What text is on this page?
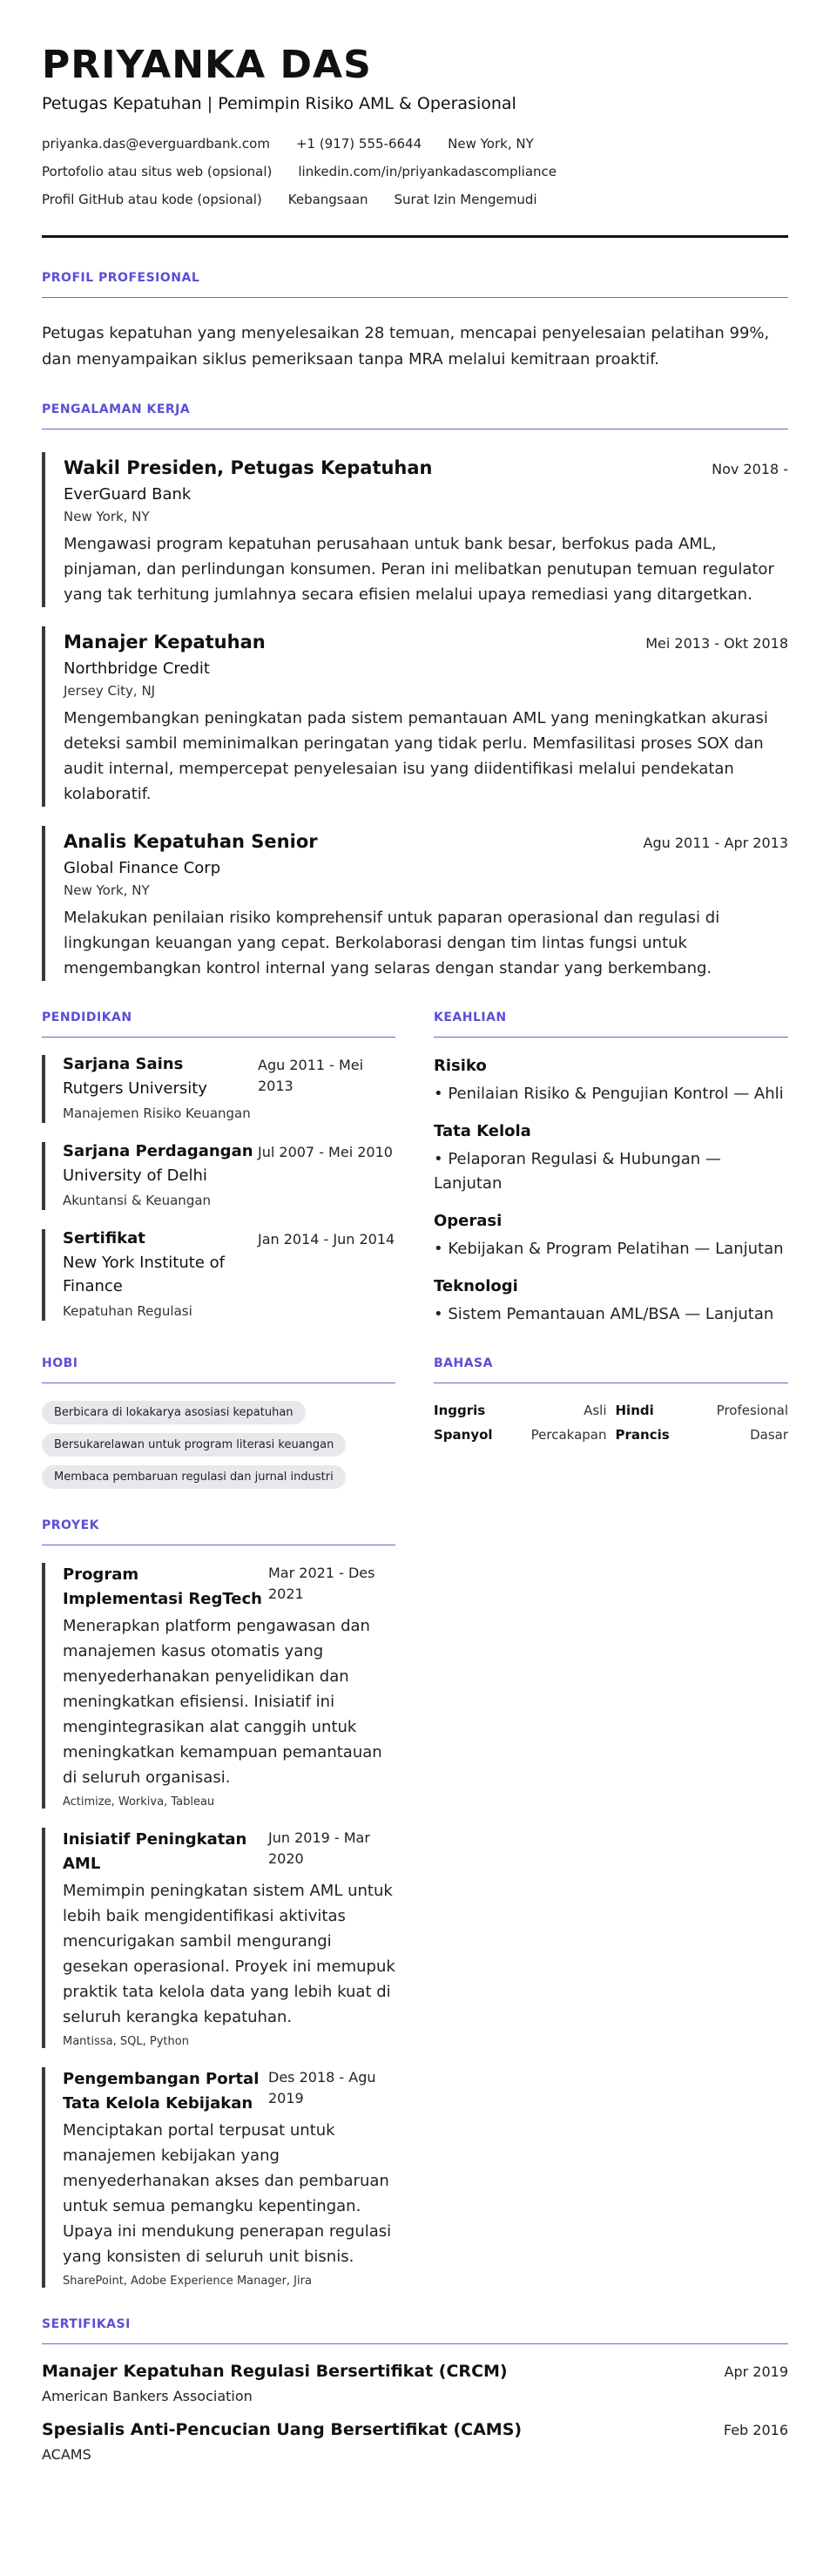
PRIYANKA DAS
Petugas Kepatuhan | Pemimpin Risiko AML & Operasional
priyanka.das@everguardbank.com +1 (917) 555-6644 New York, NY
Portofolio atau situs web (opsional) linkedin.com/in/priyankadascompliance
Profil GitHub atau kode (opsional) Kebangsaan Surat Izin Mengemudi
PROFIL PROFESIONAL
Petugas kepatuhan yang menyelesaikan 28 temuan, mencapai penyelesaian pelatihan 99%, dan menyampaikan siklus pemeriksaan tanpa MRA melalui kemitraan proaktif.
PENGALAMAN KERJA
Wakil Presiden, Petugas Kepatuhan	Nov 2018 -
EverGuard Bank
New York, NY
Mengawasi program kepatuhan perusahaan untuk bank besar, berfokus pada AML, pinjaman, dan perlindungan konsumen. Peran ini melibatkan penutupan temuan regulator yang tak terhitung jumlahnya secara efisien melalui upaya remediasi yang ditargetkan.
Manajer Kepatuhan	Mei 2013 - Okt 2018
Northbridge Credit
Jersey City, NJ
Mengembangkan peningkatan pada sistem pemantauan AML yang meningkatkan akurasi deteksi sambil meminimalkan peringatan yang tidak perlu. Memfasilitasi proses SOX dan audit internal, mempercepat penyelesaian isu yang diidentifikasi melalui pendekatan kolaboratif.
Analis Kepatuhan Senior	Agu 2011 - Apr 2013
Global Finance Corp
New York, NY
Melakukan penilaian risiko komprehensif untuk paparan operasional dan regulasi di lingkungan keuangan yang cepat. Berkolaborasi dengan tim lintas fungsi untuk mengembangkan kontrol internal yang selaras dengan standar yang berkembang.
PENDIDIKAN
Sarjana Sains
Rutgers University
Manajemen Risiko Keuangan
Agu 2011 - Mei 2013
Sarjana Perdagangan
University of Delhi
Akuntansi & Keuangan
Jul 2007 - Mei 2010
Sertifikat
New York Institute of Finance
Kepatuhan Regulasi
Jan 2014 - Jun 2014
KEAHLIAN
Risiko
• Penilaian Risiko & Pengujian Kontrol — Ahli
Tata Kelola
• Pelaporan Regulasi & Hubungan — Lanjutan
Operasi
• Kebijakan & Program Pelatihan — Lanjutan
Teknologi
• Sistem Pemantauan AML/BSA — Lanjutan
HOBI
Berbicara di lokakarya asosiasi kepatuhan
Bersukarelawan untuk program literasi keuangan
Membaca pembaruan regulasi dan jurnal industri
BAHASA
Inggris	Asli Hindi	Profesional
Spanyol	Percakapan Prancis	Dasar
PROYEK
Program Implementasi RegTech
Mar 2021 - Des 2021
Menerapkan platform pengawasan dan manajemen kasus otomatis yang menyederhanakan penyelidikan dan meningkatkan efisiensi. Inisiatif ini mengintegrasikan alat canggih untuk meningkatkan kemampuan pemantauan di seluruh organisasi.
Actimize, Workiva, Tableau
Inisiatif Peningkatan AML
Jun 2019 - Mar 2020
Memimpin peningkatan sistem AML untuk lebih baik mengidentifikasi aktivitas mencurigakan sambil mengurangi gesekan operasional. Proyek ini memupuk praktik tata kelola data yang lebih kuat di seluruh kerangka kepatuhan.
Mantissa, SQL, Python
Pengembangan Portal Tata Kelola Kebijakan
Des 2018 - Agu 2019
Menciptakan portal terpusat untuk manajemen kebijakan yang menyederhanakan akses dan pembaruan untuk semua pemangku kepentingan. Upaya ini mendukung penerapan regulasi yang konsisten di seluruh unit bisnis.
SharePoint, Adobe Experience Manager, Jira
SERTIFIKASI
Manajer Kepatuhan Regulasi Bersertifikat (CRCM)	Apr 2019
American Bankers Association
Spesialis Anti-Pencucian Uang Bersertifikat (CAMS)	Feb 2016
ACAMS
